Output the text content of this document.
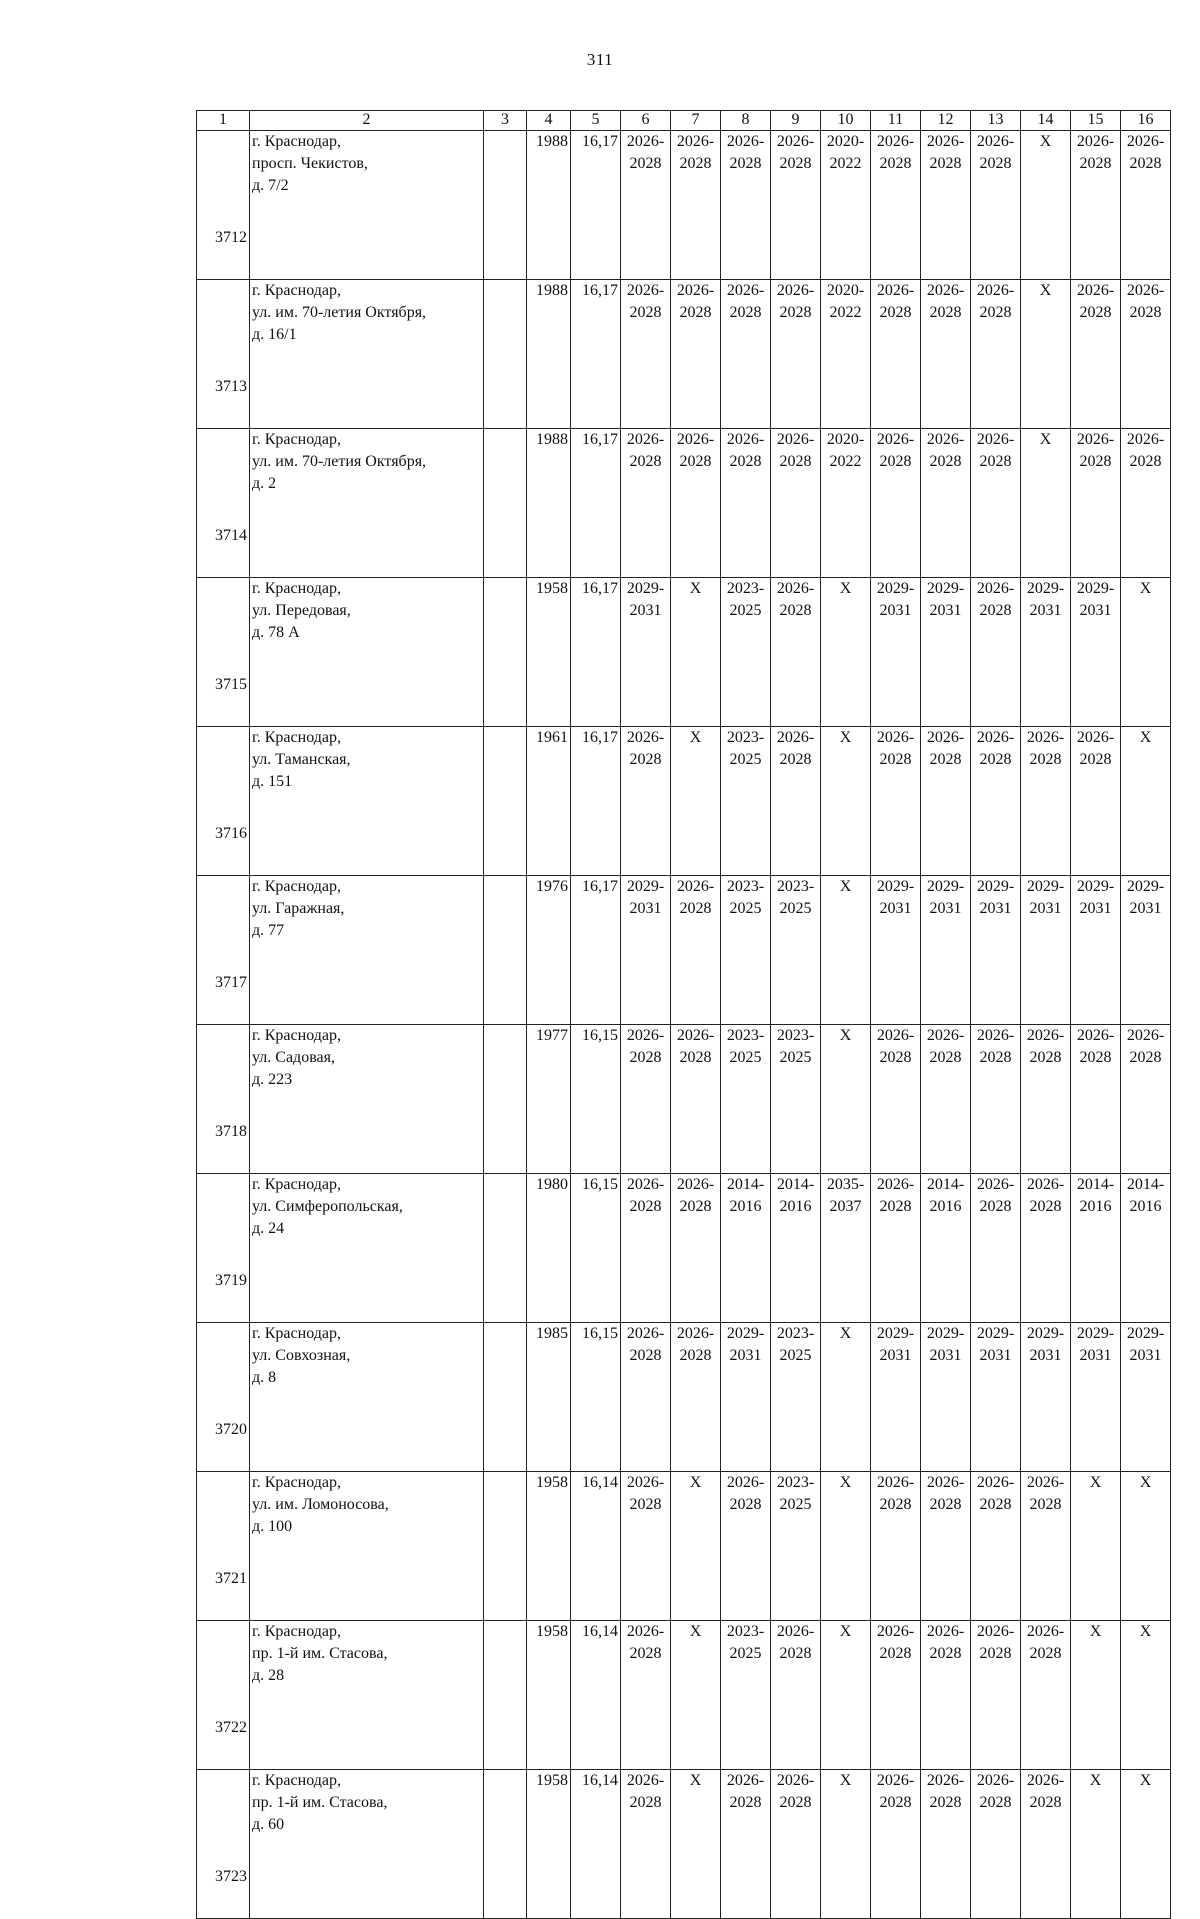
311
1	2	3	4	5	6	7	8	9	10	11	12	13	14	15	16
3712	г. Краснодар,
просп. Чекистов,
д. 7/2		1988	16,17	2026-
2028	2026-
2028	2026-
2028	2026-
2028	2020-
2022	2026-
2028	2026-
2028	2026-
2028	X	2026-
2028	2026-
2028

3713	г. Краснодар,
ул. им. 70-летия Октября,
д. 16/1		1988	16,17	2026-
2028	2026-
2028	2026-
2028	2026-
2028	2020-
2022	2026-
2028	2026-
2028	2026-
2028	X	2026-
2028	2026-
2028

3714	г. Краснодар,
ул. им. 70-летия Октября,
д. 2		1988	16,17	2026-
2028	2026-
2028	2026-
2028	2026-
2028	2020-
2022	2026-
2028	2026-
2028	2026-
2028	X	2026-
2028	2026-
2028

3715	г. Краснодар,
ул. Передовая,
д. 78 А		1958	16,17	2029-
2031	X	2023-
2025	2026-
2028	X	2029-
2031	2029-
2031	2026-
2028	2029-
2031	2029-
2031	X

3716	г. Краснодар,
ул. Таманская,
д. 151		1961	16,17	2026-
2028	X	2023-
2025	2026-
2028	X	2026-
2028	2026-
2028	2026-
2028	2026-
2028	2026-
2028	X

3717	г. Краснодар,
ул. Гаражная,
д. 77		1976	16,17	2029-
2031	2026-
2028	2023-
2025	2023-
2025	X	2029-
2031	2029-
2031	2029-
2031	2029-
2031	2029-
2031	2029-
2031

3718	г. Краснодар,
ул. Садовая,
д. 223		1977	16,15	2026-
2028	2026-
2028	2023-
2025	2023-
2025	X	2026-
2028	2026-
2028	2026-
2028	2026-
2028	2026-
2028	2026-
2028

3719	г. Краснодар,
ул. Симферопольская,
д. 24		1980	16,15	2026-
2028	2026-
2028	2014-
2016	2014-
2016	2035-
2037	2026-
2028	2014-
2016	2026-
2028	2026-
2028	2014-
2016	2014-
2016

3720	г. Краснодар,
ул. Совхозная,
д. 8		1985	16,15	2026-
2028	2026-
2028	2029-
2031	2023-
2025	X	2029-
2031	2029-
2031	2029-
2031	2029-
2031	2029-
2031	2029-
2031

3721	г. Краснодар,
ул. им. Ломоносова,
д. 100		1958	16,14	2026-
2028	X	2026-
2028	2023-
2025	X	2026-
2028	2026-
2028	2026-
2028	2026-
2028	X	X

3722	г. Краснодар,
пр. 1-й им. Стасова,
д. 28		1958	16,14	2026-
2028	X	2023-
2025	2026-
2028	X	2026-
2028	2026-
2028	2026-
2028	2026-
2028	X	X

3723	г. Краснодар,
пр. 1-й им. Стасова,
д. 60		1958	16,14	2026-
2028	X	2026-
2028	2026-
2028	X	2026-
2028	2026-
2028	2026-
2028	2026-
2028	X	X
